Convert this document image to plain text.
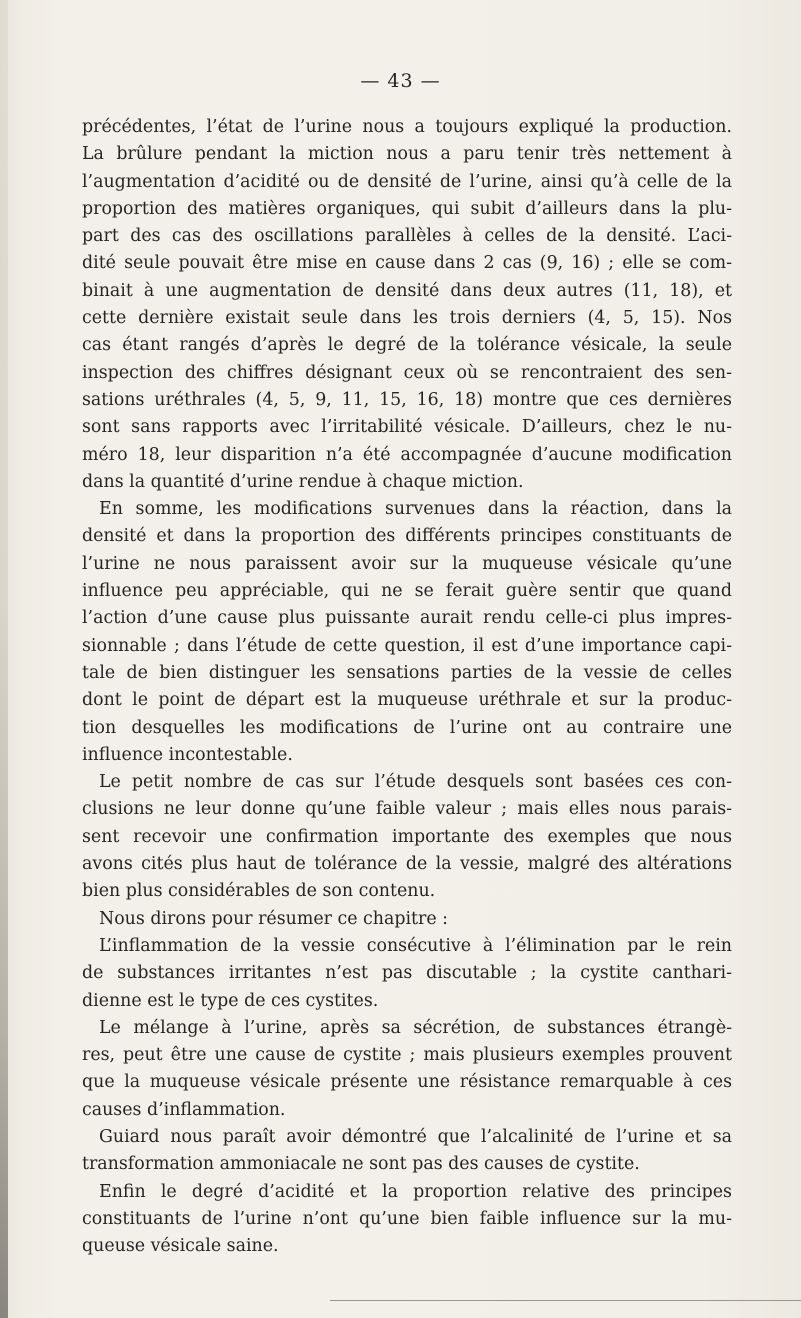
— 43 —
précédentes, l’état de l’urine nous a toujours expliqué la production.
La brûlure pendant la miction nous a paru tenir très nettement à
l’augmentation d’acidité ou de densité de l’urine, ainsi qu’à celle de la
proportion des matières organiques, qui subit d’ailleurs dans la plu-
part des cas des oscillations parallèles à celles de la densité. L’aci-
dité seule pouvait être mise en cause dans 2 cas (9, 16) ; elle se com-
binait à une augmentation de densité dans deux autres (11, 18), et
cette dernière existait seule dans les trois derniers (4, 5, 15). Nos
cas étant rangés d’après le degré de la tolérance vésicale, la seule
inspection des chiffres désignant ceux où se rencontraient des sen-
sations uréthrales (4, 5, 9, 11, 15, 16, 18) montre que ces dernières
sont sans rapports avec l’irritabilité vésicale. D’ailleurs, chez le nu-
méro 18, leur disparition n’a été accompagnée d’aucune modification
dans la quantité d’urine rendue à chaque miction.
En somme, les modifications survenues dans la réaction, dans la
densité et dans la proportion des différents principes constituants de
l’urine ne nous paraissent avoir sur la muqueuse vésicale qu’une
influence peu appréciable, qui ne se ferait guère sentir que quand
l’action d’une cause plus puissante aurait rendu celle-ci plus impres-
sionnable ; dans l’étude de cette question, il est d’une importance capi-
tale de bien distinguer les sensations parties de la vessie de celles
dont le point de départ est la muqueuse uréthrale et sur la produc-
tion desquelles les modifications de l’urine ont au contraire une
influence incontestable.
Le petit nombre de cas sur l’étude desquels sont basées ces con-
clusions ne leur donne qu’une faible valeur ; mais elles nous parais-
sent recevoir une confirmation importante des exemples que nous
avons cités plus haut de tolérance de la vessie, malgré des altérations
bien plus considérables de son contenu.
Nous dirons pour résumer ce chapitre :
L’inflammation de la vessie consécutive à l’élimination par le rein
de substances irritantes n’est pas discutable ; la cystite canthari-
dienne est le type de ces cystites.
Le mélange à l’urine, après sa sécrétion, de substances étrangè-
res, peut être une cause de cystite ; mais plusieurs exemples prouvent
que la muqueuse vésicale présente une résistance remarquable à ces
causes d’inflammation.
Guiard nous paraît avoir démontré que l’alcalinité de l’urine et sa
transformation ammoniacale ne sont pas des causes de cystite.
Enfin le degré d’acidité et la proportion relative des principes
constituants de l’urine n’ont qu’une bien faible influence sur la mu-
queuse vésicale saine.
